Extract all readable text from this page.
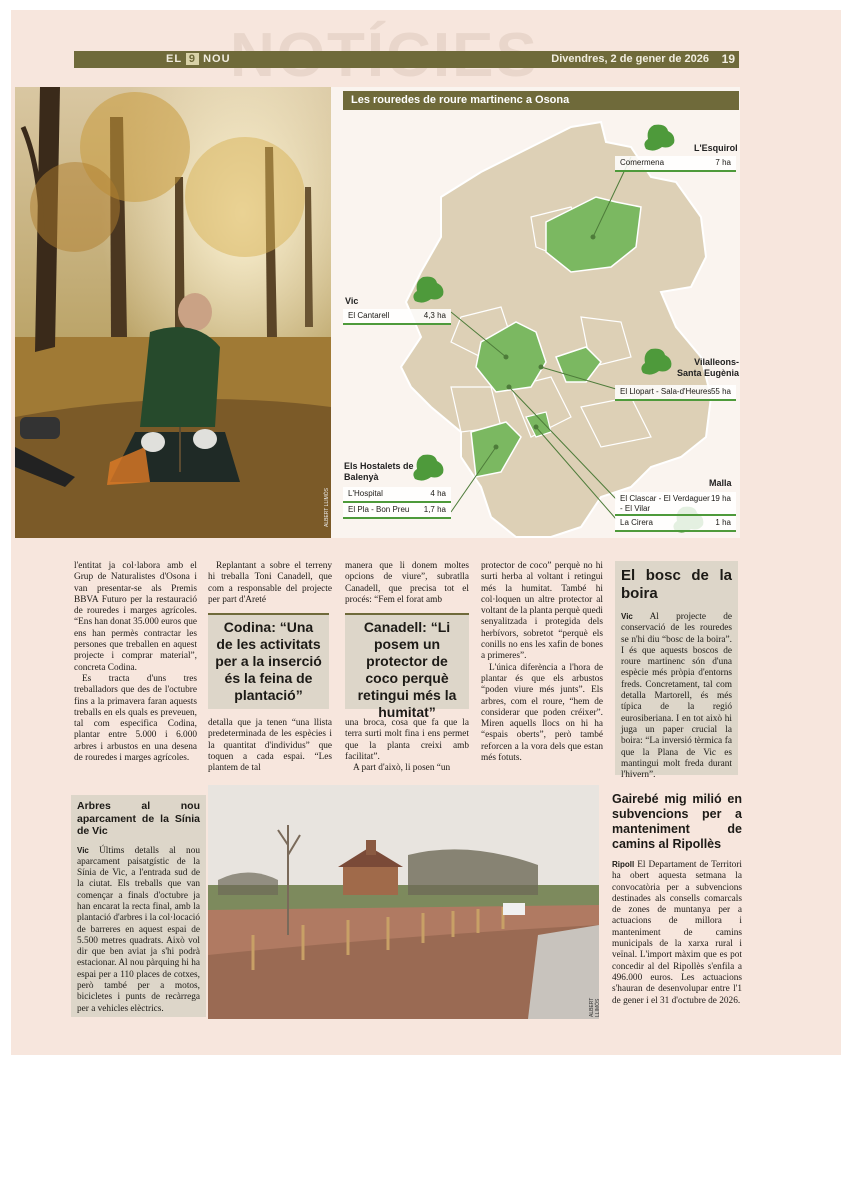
EL 9 NOU	Divendres, 2 de gener de 2026 19
ALBERT LLIMÓS
Les rouredes de roure martinenc a Osona
L'Esquirol
Comermena	7 ha
Vic
El Cantarell	4,3 ha
Vilalleons-Santa Eugènia
El Llopart - Sala-d'Heures 55 ha
Els Hostalets de Balenyà
L'Hospital	4 ha
El Pla - Bon Preu 1,7 ha
Malla
El Clascar - El Verdaguer - El Vilar
19 ha
La Cirera	1 ha

l'entitat ja col·labora amb el Grup de Naturalistes d'Osona i van presentar-se als Premis BBVA Futuro per la restauració de rouredes i marges agrícoles. “Ens han donat 35.000 euros que ens han permès contractar les persones que treballen en aquest projecte i comprar material”, concreta Codina.

Es tracta d'uns tres treballadors que des de l'octubre fins a la primavera faran aquests treballs en els quals es preveuen, tal com especifica Codina, plantar entre 5.000 i 6.000 arbres i arbustos en una desena de rouredes i marges agrícoles.

Replantant a sobre el terreny hi treballa Toni Canadell, que com a responsable del projecte per part d'Areté

Codina: “Una de les activitats per a la inserció és la feina de plantació”

detalla que ja tenen “una llista predeterminada de les espècies i la quantitat d'individus” que toquen a cada espai. “Les plantem de tal

manera que li donem moltes opcions de viure”, subratlla Canadell, que precisa tot el procés: “Fem el forat amb

Canadell: “Li posem un protector de coco perquè retingui més la humitat”

una broca, cosa que fa que la terra surti molt fina i ens permet que la planta creixi amb facilitat”.

A part d'això, li posen “un

protector de coco” perquè no hi surti herba al voltant i retingui més la humitat. També hi col·loquen un altre protector al voltant de la planta perquè quedi senyalitzada i protegida dels herbívors, sobretot “perquè els conills no ens les xafin de bones a primeres”.

L'única diferència a l'hora de plantar és que els arbustos “poden viure més junts”. Els arbres, com el roure, “hem de considerar que poden créixer”. Miren aquells llocs on hi ha “espais oberts”, però també reforcen a la vora dels que estan més fotuts.

El bosc de la boira
Vic Al projecte de conservació de les rouredes se n'hi diu “bosc de la boira”. I és que aquests boscos de roure martinenc són d'una espècie més pròpia d'entorns freds. Concretament, tal com detalla Martorell, és més típica de la regió eurosiberiana. I en tot això hi juga un paper crucial la boira: “La inversió tèrmica fa que la Plana de Vic es mantingui molt freda durant l'hivern”.
ALBERT LLIMÓS
Arbres al nou aparcament de la Sínia de Vic
Vic Últims detalls al nou aparcament paisatgístic de la Sínia de Vic, a l'entrada sud de la ciutat. Els treballs que van començar a finals d'octubre ja han encarat la recta final, amb la plantació d'arbres i la col·locació de barreres en aquest espai de 5.500 metres quadrats. Això vol dir que ben aviat ja s'hi podrà estacionar. Al nou pàrquing hi ha espai per a 110 places de cotxes, però també per a motos, bicicletes i punts de recàrrega per a vehicles elèctrics.
Gairebé mig milió en subvencions per a manteniment de camins al Ripollès
Ripoll El Departament de Territori ha obert aquesta setmana la convocatòria per a subvencions destinades als consells comarcals de zones de muntanya per a actuacions de millora i manteniment de camins municipals de la xarxa rural i veïnal. L'import màxim que es pot concedir al del Ripollès s'enfila a 496.000 euros. Les actuacions s'hauran de desenvolupar entre l'1 de gener i el 31 d'octubre de 2026.
